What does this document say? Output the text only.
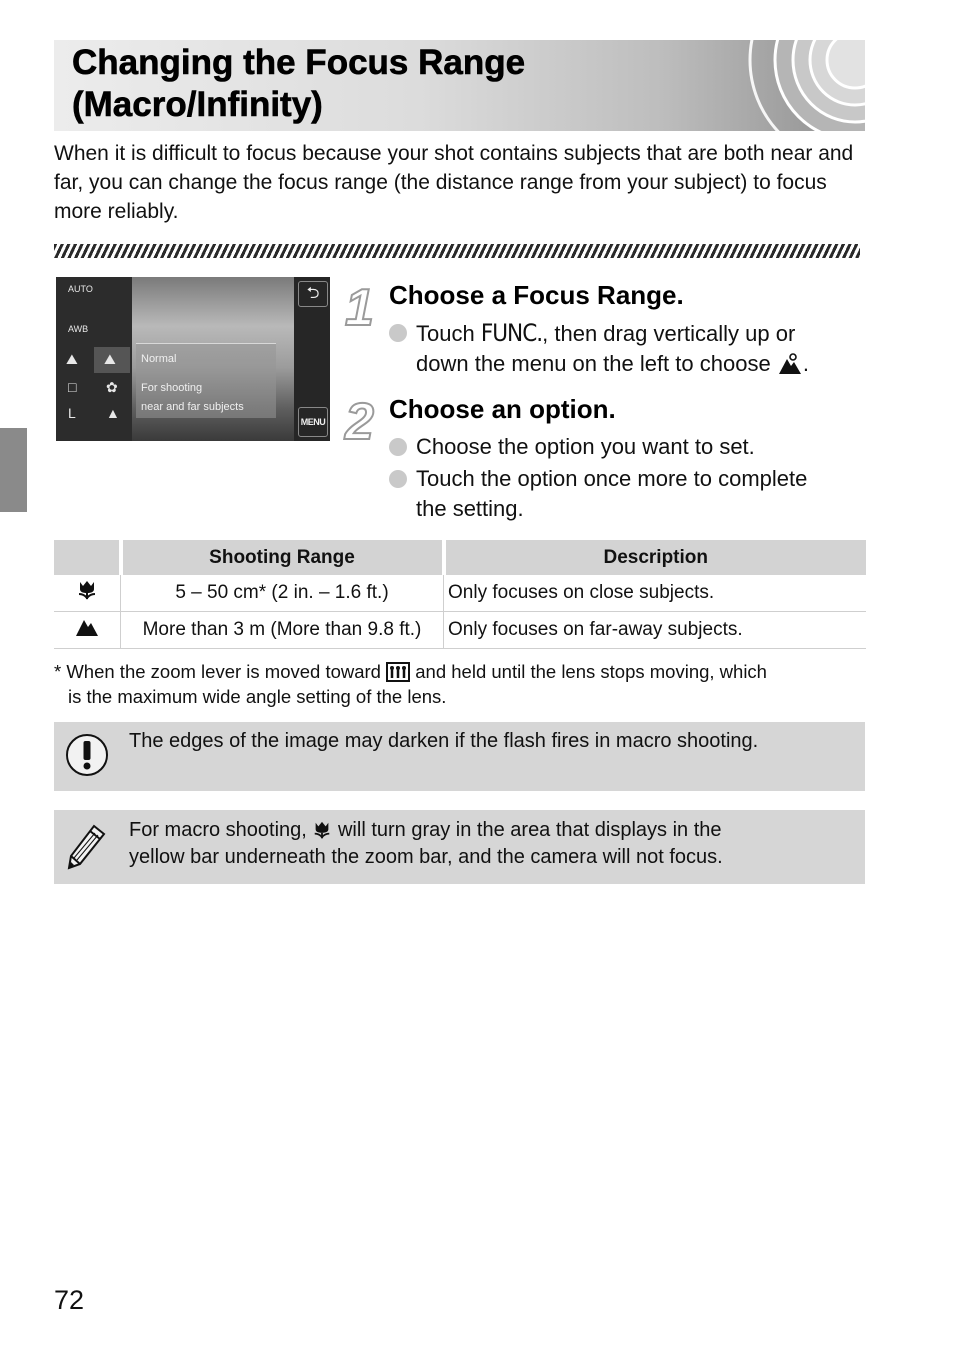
Changing the Focus Range
(Macro/Infinity)
When it is difficult to focus because your shot contains subjects that are both near and far, you can change the focus range (the distance range from your subject) to focus more reliably.
AUTO
AWB
⛰ ⛰
□ ✿
L ▲
Normal
For shooting
near and far subjects
⮌
MENU
1 Choose a Focus Range.
Touch FUNC., then drag vertically up or
down the menu on the left to choose .
2 Choose an option.
Choose the option you want to set.
Touch the option once more to complete
the setting.
	Shooting Range	Description
	5 – 50 cm* (2 in. – 1.6 ft.)	Only focuses on close subjects.
	More than 3 m (More than 9.8 ft.)	Only focuses on far-away subjects.
* When the zoom lever is moved toward and held until the lens stops moving, which
is the maximum wide angle setting of the lens.
The edges of the image may darken if the flash fires in macro shooting.
For macro shooting, will turn gray in the area that displays in the
yellow bar underneath the zoom bar, and the camera will not focus.
72
